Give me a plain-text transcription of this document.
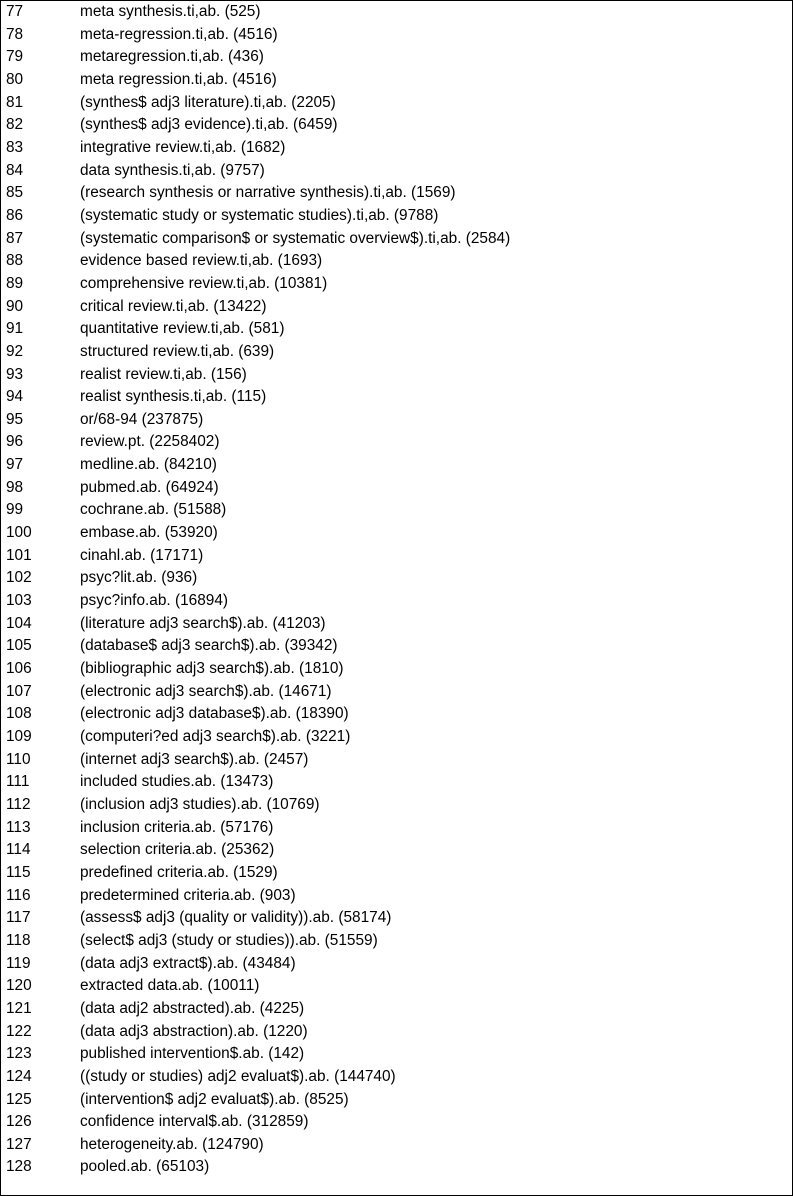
77	meta synthesis.ti,ab. (525)
78	meta-regression.ti,ab. (4516)
79	metaregression.ti,ab. (436)
80	meta regression.ti,ab. (4516)
81	(synthes$ adj3 literature).ti,ab. (2205)
82	(synthes$ adj3 evidence).ti,ab. (6459)
83	integrative review.ti,ab. (1682)
84	data synthesis.ti,ab. (9757)
85	(research synthesis or narrative synthesis).ti,ab. (1569)
86	(systematic study or systematic studies).ti,ab. (9788)
87	(systematic comparison$ or systematic overview$).ti,ab. (2584)
88	evidence based review.ti,ab. (1693)
89	comprehensive review.ti,ab. (10381)
90	critical review.ti,ab. (13422)
91	quantitative review.ti,ab. (581)
92	structured review.ti,ab. (639)
93	realist review.ti,ab. (156)
94	realist synthesis.ti,ab. (115)
95	or/68-94 (237875)
96	review.pt. (2258402)
97	medline.ab. (84210)
98	pubmed.ab. (64924)
99	cochrane.ab. (51588)
100	embase.ab. (53920)
101	cinahl.ab. (17171)
102	psyc?lit.ab. (936)
103	psyc?info.ab. (16894)
104	(literature adj3 search$).ab. (41203)
105	(database$ adj3 search$).ab. (39342)
106	(bibliographic adj3 search$).ab. (1810)
107	(electronic adj3 search$).ab. (14671)
108	(electronic adj3 database$).ab. (18390)
109	(computeri?ed adj3 search$).ab. (3221)
110	(internet adj3 search$).ab. (2457)
111	included studies.ab. (13473)
112	(inclusion adj3 studies).ab. (10769)
113	inclusion criteria.ab. (57176)
114	selection criteria.ab. (25362)
115	predefined criteria.ab. (1529)
116	predetermined criteria.ab. (903)
117	(assess$ adj3 (quality or validity)).ab. (58174)
118	(select$ adj3 (study or studies)).ab. (51559)
119	(data adj3 extract$).ab. (43484)
120	extracted data.ab. (10011)
121	(data adj2 abstracted).ab. (4225)
122	(data adj3 abstraction).ab. (1220)
123	published intervention$.ab. (142)
124	((study or studies) adj2 evaluat$).ab. (144740)
125	(intervention$ adj2 evaluat$).ab. (8525)
126	confidence interval$.ab. (312859)
127	heterogeneity.ab. (124790)
128	pooled.ab. (65103)
